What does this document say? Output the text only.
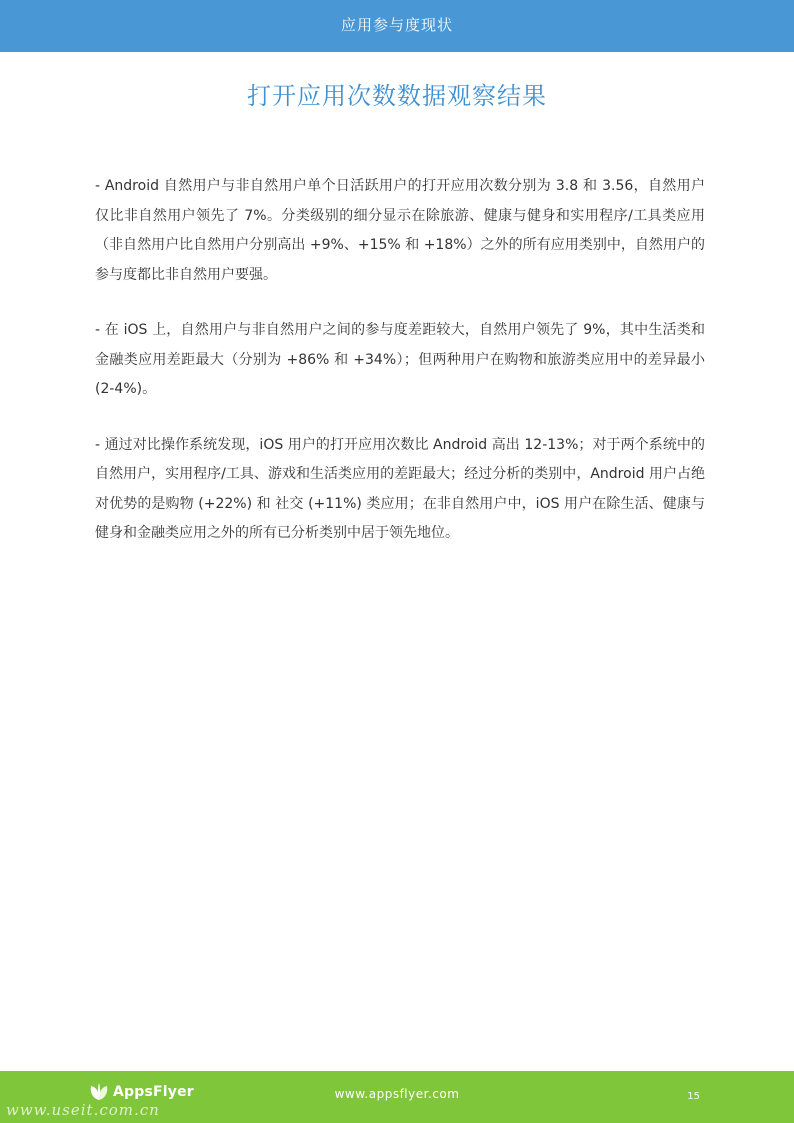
应用参与度现状
打开应用次数数据观察结果

- Android 自然用户与非自然用户单个日活跃用户的打开应用次数分别为 3.8 和 3.56，自然用户仅比非自然用户领先了 7%。分类级别的细分显示在除旅游、健康与健身和实用程序/工具类应用（非自然用户比自然用户分别高出 +9%、+15% 和 +18%）之外的所有应用类别中，自然用户的参与度都比非自然用户要强。

- 在 iOS 上，自然用户与非自然用户之间的参与度差距较大，自然用户领先了 9%，其中生活类和金融类应用差距最大（分别为 +86% 和 +34%）；但两种用户在购物和旅游类应用中的差异最小 (2-4%)。

- 通过对比操作系统发现，iOS 用户的打开应用次数比 Android 高出 12-13%；对于两个系统中的自然用户，实用程序/工具、游戏和生活类应用的差距最大；经过分析的类别中，Android 用户占绝对优势的是购物 (+22%) 和 社交 (+11%) 类应用；在非自然用户中，iOS 用户在除生活、健康与健身和金融类应用之外的所有已分析类别中居于领先地位。

AppsFlyer	www.appsflyer.com	15
www.useit.com.cn
